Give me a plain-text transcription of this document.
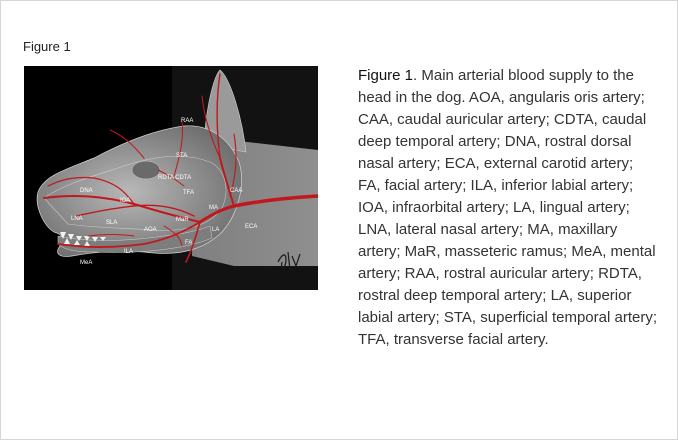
Figure 1
RAA
STA
RDTA CDTA
TFA	CAA
DNA
IOA
LNA
SLA
AOA
MaR
MA
FA
LA	ECA
ILA
MeA
Figure 1. Main arterial blood supply to the head in the dog. AOA, angularis oris artery; CAA, caudal auricular artery; CDTA, caudal deep temporal artery; DNA, rostral dorsal nasal artery; ECA, external carotid artery; FA, facial artery; ILA, inferior labial artery; IOA, infraorbital artery; LA, lingual artery; LNA, lateral nasal artery; MA, maxillary artery; MaR, masseteric ramus; MeA, mental artery; RAA, rostral auricular artery; RDTA, rostral deep temporal artery; LA, superior labial artery; STA, superficial temporal artery; TFA, transverse facial artery.
